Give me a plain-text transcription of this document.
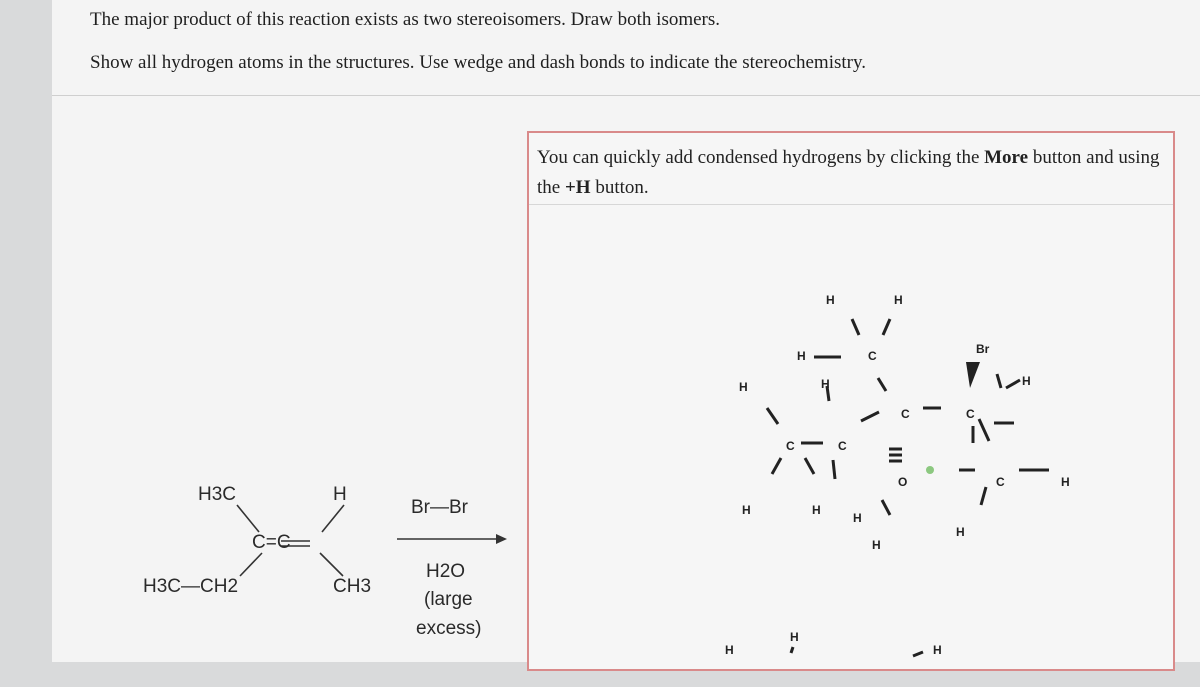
The major product of this reaction exists as two stereoisomers. Draw both isomers.
Show all hydrogen atoms in the structures. Use wedge and dash bonds to indicate the stereochemistry.
H3C	H
C=C
H3C—CH2	CH3
Br—Br
H2O
(large
excess)
You can quickly add condensed hydrogens by clicking the More button and using the +H button.
H	H
H	C	Br
H	H	H
C	C
C	C
O	C	H
H	H
H
H
H
H
H	H
